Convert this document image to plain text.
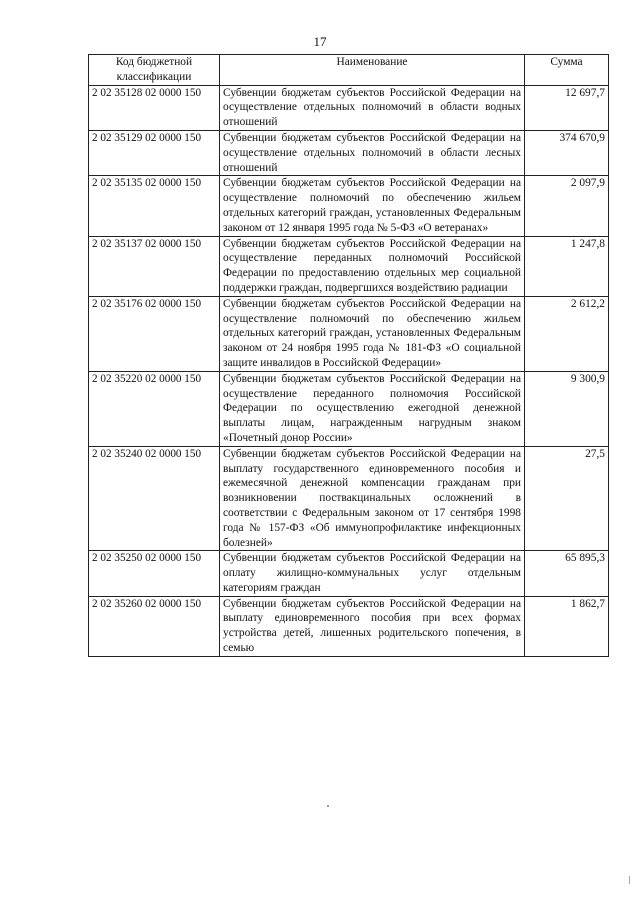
17
Код бюджетной классификации	Наименование	Сумма
2 02 35128 02 0000 150	Субвенции бюджетам субъектов Российской Федерации на осуществление отдельных полномочий в области водных отношений	12 697,7
2 02 35129 02 0000 150	Субвенции бюджетам субъектов Российской Федерации на осуществление отдельных полномочий в области лесных отношений	374 670,9
2 02 35135 02 0000 150	Субвенции бюджетам субъектов Российской Федерации на осуществление полномочий по обеспечению жильем отдельных категорий граждан, установленных Федеральным законом от 12 января 1995 года № 5-ФЗ «О ветеранах»	2 097,9
2 02 35137 02 0000 150	Субвенции бюджетам субъектов Российской Федерации на осуществление переданных полномочий Российской Федерации по предоставлению отдельных мер социальной поддержки граждан, подвергшихся воздействию радиации	1 247,8
2 02 35176 02 0000 150	Субвенции бюджетам субъектов Российской Федерации на осуществление полномочий по обеспечению жильем отдельных категорий граждан, установленных Федеральным законом от 24 ноября 1995 года № 181-ФЗ «О социальной защите инвалидов в Российской Федерации»	2 612,2
2 02 35220 02 0000 150	Субвенции бюджетам субъектов Российской Федерации на осуществление переданного полномочия Российской Федерации по осуществлению ежегодной денежной выплаты лицам, награжденным нагрудным знаком «Почетный донор России»	9 300,9
2 02 35240 02 0000 150	Субвенции бюджетам субъектов Российской Федерации на выплату государственного единовременного пособия и ежемесячной денежной компенсации гражданам при возникновении поствакцинальных осложнений в соответствии с Федеральным законом от 17 сентября 1998 года № 157-ФЗ «Об иммунопрофилактике инфекционных болезней»	27,5
2 02 35250 02 0000 150	Субвенции бюджетам субъектов Российской Федерации на оплату жилищно-коммунальных услуг отдельным категориям граждан	65 895,3
2 02 35260 02 0000 150	Субвенции бюджетам субъектов Российской Федерации на выплату единовременного пособия при всех формах устройства детей, лишенных родительского попечения, в семью	1 862,7
